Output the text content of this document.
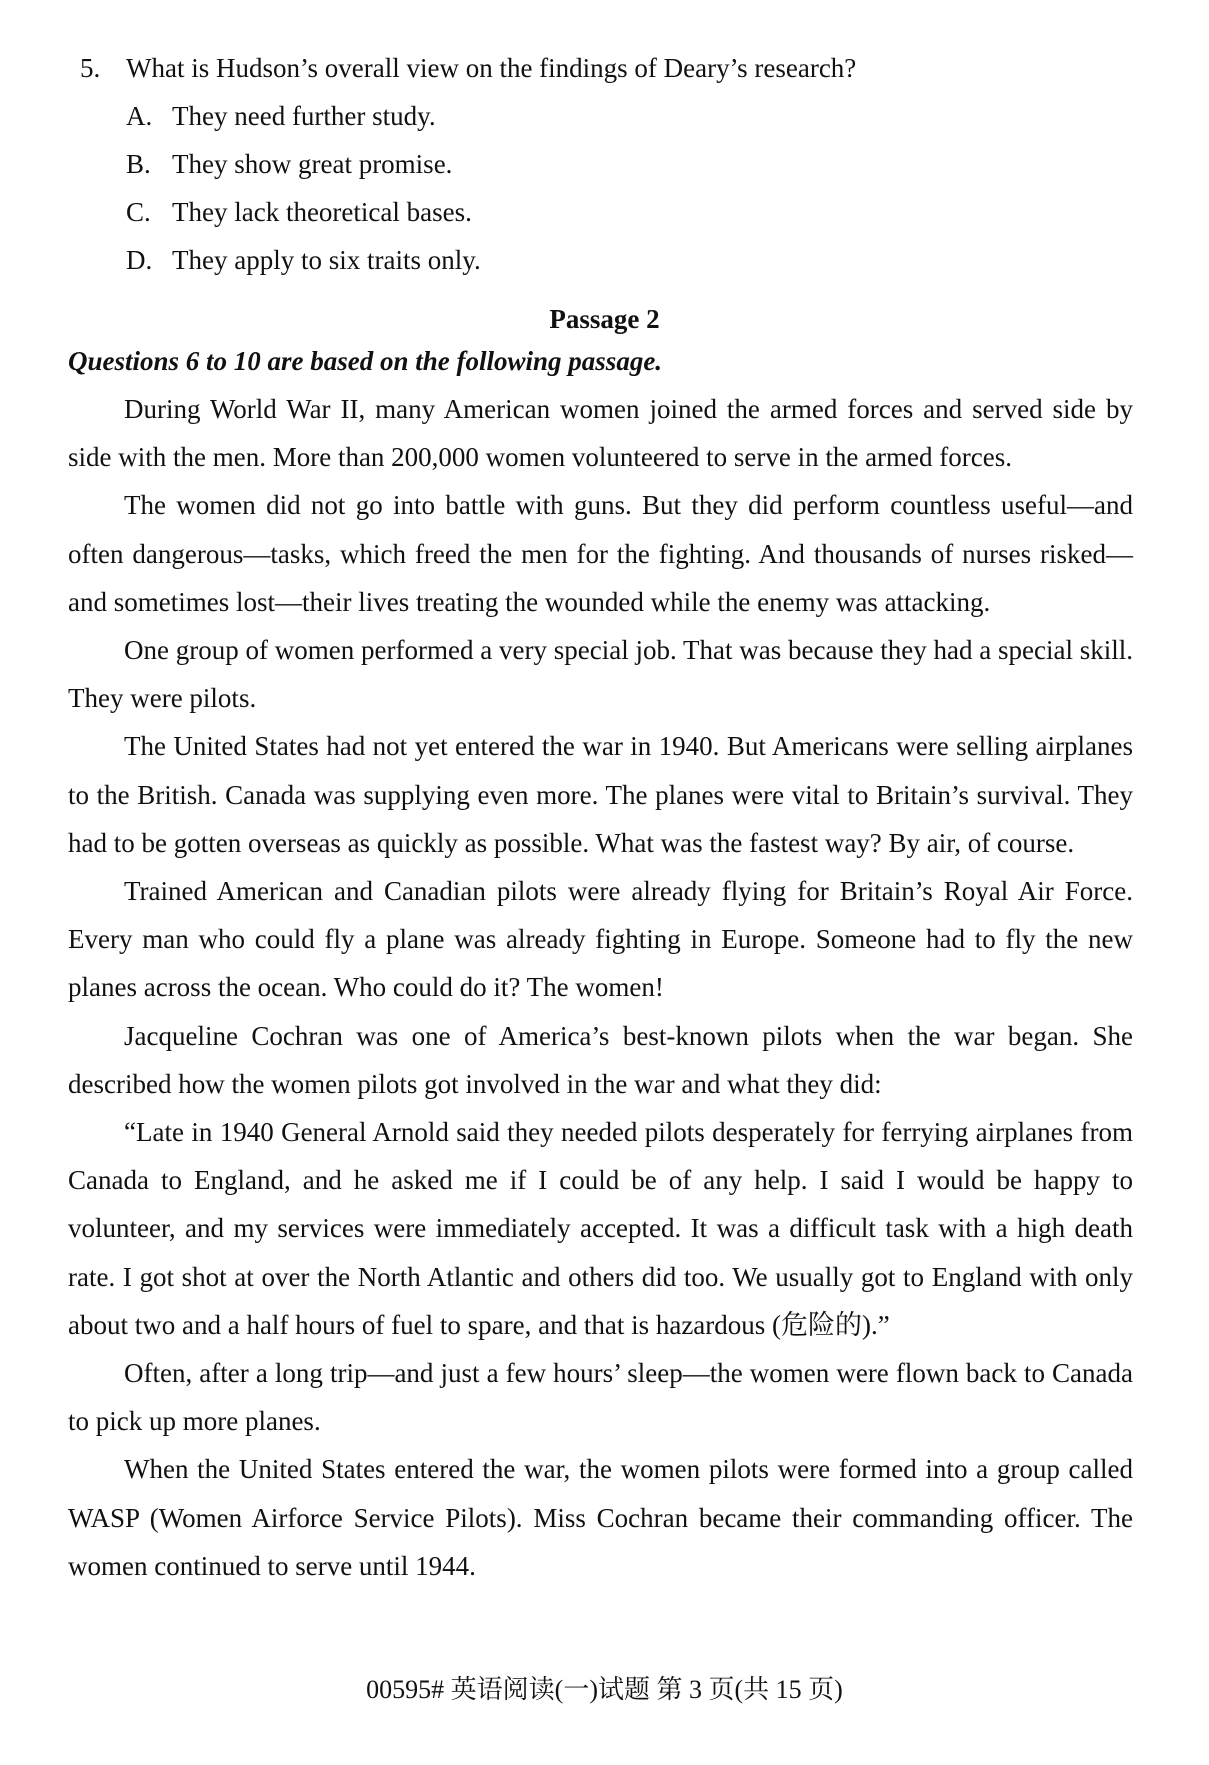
5. What is Hudson’s overall view on the findings of Deary’s research?
A. They need further study.
B. They show great promise.
C. They lack theoretical bases.
D. They apply to six traits only.
Passage 2
Questions 6 to 10 are based on the following passage.

During World War II, many American women joined the armed forces and served side by side with the men. More than 200,000 women volunteered to serve in the armed forces.

The women did not go into battle with guns. But they did perform countless useful—and often dangerous—tasks, which freed the men for the fighting. And thousands of nurses risked—and sometimes lost—their lives treating the wounded while the enemy was attacking.

One group of women performed a very special job. That was because they had a special skill. They were pilots.

The United States had not yet entered the war in 1940. But Americans were selling airplanes to the British. Canada was supplying even more. The planes were vital to Britain’s survival. They had to be gotten overseas as quickly as possible. What was the fastest way? By air, of course.

Trained American and Canadian pilots were already flying for Britain’s Royal Air Force. Every man who could fly a plane was already fighting in Europe. Someone had to fly the new planes across the ocean. Who could do it? The women!

Jacqueline Cochran was one of America’s best-known pilots when the war began. She described how the women pilots got involved in the war and what they did:

“Late in 1940 General Arnold said they needed pilots desperately for ferrying airplanes from Canada to England, and he asked me if I could be of any help. I said I would be happy to volunteer, and my services were immediately accepted. It was a difficult task with a high death rate. I got shot at over the North Atlantic and others did too. We usually got to England with only about two and a half hours of fuel to spare, and that is hazardous (危险的).”

Often, after a long trip—and just a few hours’ sleep—the women were flown back to Canada to pick up more planes.

When the United States entered the war, the women pilots were formed into a group called WASP (Women Airforce Service Pilots). Miss Cochran became their commanding officer. The women continued to serve until 1944.

00595# 英语阅读(一)试题 第 3 页(共 15 页)
